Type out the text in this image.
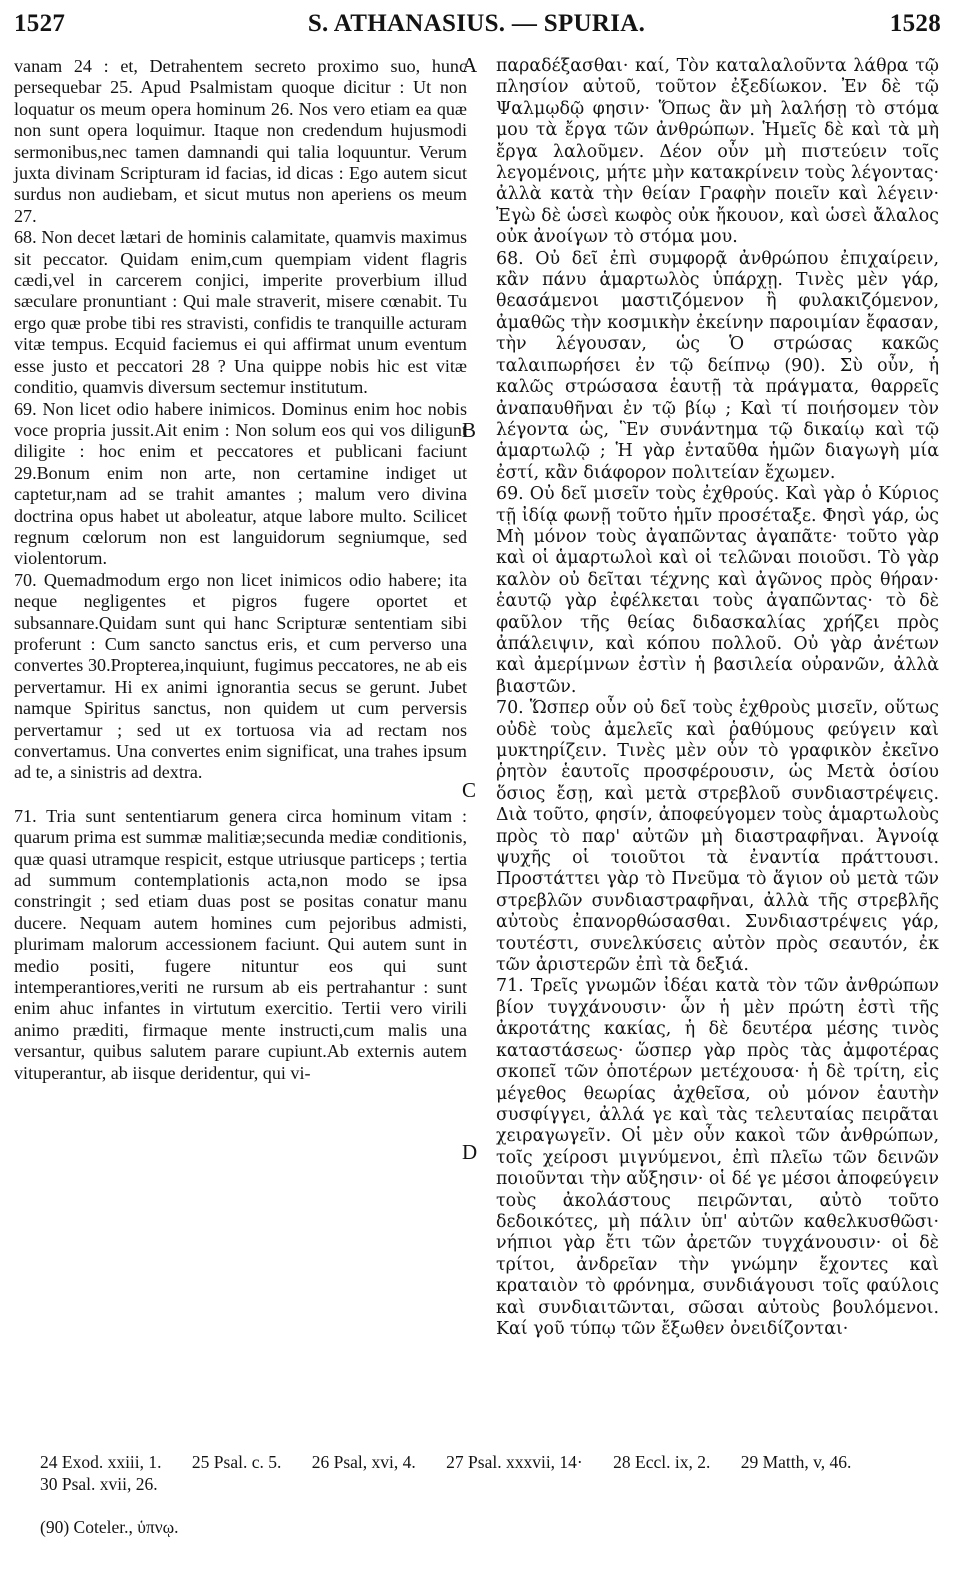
1527	S. ATHANASIUS. — SPURIA.	1528
A
B
C
D

vanam 24 : et, Detrahentem secreto proximo suo, hunc persequebar 25. Apud Psalmistam quoque dicitur : Ut non loquatur os meum opera hominum 26. Nos vero etiam ea quæ non sunt opera loquimur. Itaque non credendum hujusmodi sermonibus,nec tamen damnandi qui talia loquuntur. Verum juxta divinam Scripturam id facias, id dicas : Ego autem sicut surdus non audiebam, et sicut mutus non aperiens os meum 27.

68. Non decet lætari de hominis calamitate, quamvis maximus sit peccator. Quidam enim,cum quempiam vident flagris cædi,vel in carcerem conjici, imperite proverbium illud sæculare pronuntiant : Qui male straverit, misere cœnabit. Tu ergo quæ probe tibi res stravisti, confidis te tranquille acturam vitæ tempus. Ecquid faciemus ei qui affirmat unum eventum esse justo et peccatori 28 ? Una quippe nobis hic est vitæ conditio, quamvis diversum sectemur institutum.

69. Non licet odio habere inimicos. Dominus enim hoc nobis voce propria jussit.Ait enim : Non solum eos qui vos diligunt diligite : hoc enim et peccatores et publicani faciunt 29.Bonum enim non arte, non certamine indiget ut captetur,nam ad se trahit amantes ; malum vero divina doctrina opus habet ut aboleatur, atque labore multo. Scilicet regnum cœlorum non est languidorum segniumque, sed violentorum.

70. Quemadmodum ergo non licet inimicos odio habere; ita neque negligentes et pigros fugere oportet et subsannare.Quidam sunt qui hanc Scripturæ sententiam sibi proferunt : Cum sancto sanctus eris, et cum perverso una convertes 30.Propterea,inquiunt, fugimus peccatores, ne ab eis pervertamur. Hi ex animi ignorantia secus se gerunt. Jubet namque Spiritus sanctus, non quidem ut cum perversis pervertamur ; sed ut ex tortuosa via ad rectam nos convertamus. Una convertes enim significat, una trahes ipsum ad te, a sinistris ad dextra.

71. Tria sunt sententiarum genera circa hominum vitam : quarum prima est summæ malitiæ;secunda mediæ conditionis, quæ quasi utramque respicit, estque utriusque particeps ; tertia ad summum contemplationis acta,non modo se ipsa constringit ; sed etiam duas post se positas conatur manu ducere. Nequam autem homines cum pejoribus admisti, plurimam malorum accessionem faciunt. Qui autem sunt in medio positi, fugere nituntur eos qui sunt intemperantiores,veriti ne rursum ab eis pertrahantur : sunt enim ahuc infantes in virtutum exercitio. Tertii vero virili animo præditi, firmaque mente instructi,cum malis una versantur, quibus salutem parare cupiunt.Ab externis autem vituperantur, ab iisque deridentur, qui vi-

παραδέξασθαι· καί, Τὸν καταλαλοῦντα λάθρα τῷ πλησίον αὐτοῦ, τοῦτον ἐξεδίωκον. Ἐν δὲ τῷ Ψαλμῳδῷ φησιν· Ὅπως ἂν μὴ λαλήσῃ τὸ στόμα μου τὰ ἔργα τῶν ἀνθρώπων. Ἡμεῖς δὲ καὶ τὰ μὴ ἔργα λαλοῦμεν. Δέον οὖν μὴ πιστεύειν τοῖς λεγομένοις, μήτε μὴν κατακρίνειν τοὺς λέγοντας· ἀλλὰ κατὰ τὴν θείαν Γραφὴν ποιεῖν καὶ λέγειν· Ἐγὼ δὲ ὡσεὶ κωφὸς οὐκ ἤκουον, καὶ ὡσεὶ ἄλαλος οὐκ ἀνοίγων τὸ στόμα μου.

68. Οὐ δεῖ ἐπὶ συμφορᾷ ἀνθρώπου ἐπιχαίρειν, κἂν πάνυ ἁμαρτωλὸς ὑπάρχῃ. Τινὲς μὲν γάρ, θεασάμενοι μαστιζόμενον ἢ φυλακιζόμενον, ἀμαθῶς τὴν κοσμικὴν ἐκείνην παροιμίαν ἔφασαν, τὴν λέγουσαν, ὡς Ὁ στρώσας κακῶς ταλαιπωρήσει ἐν τῷ δείπνῳ (90). Σὺ οὖν, ἡ καλῶς στρώσασα ἑαυτῇ τὰ πράγματα, θαρρεῖς ἀναπαυθῆναι ἐν τῷ βίῳ ; Καὶ τί ποιήσομεν τὸν λέγοντα ὡς, Ἓν συνάντημα τῷ δικαίῳ καὶ τῷ ἁμαρτωλῷ ; Ἡ γὰρ ἐνταῦθα ἡμῶν διαγωγὴ μία ἐστί, κἂν διάφορον πολιτείαν ἔχωμεν.

69. Οὐ δεῖ μισεῖν τοὺς ἐχθρούς. Καὶ γὰρ ὁ Κύριος τῇ ἰδίᾳ φωνῇ τοῦτο ἡμῖν προσέταξε. Φησὶ γάρ, ὡς Μὴ μόνον τοὺς ἀγαπῶντας ἀγαπᾶτε· τοῦτο γὰρ καὶ οἱ ἁμαρτωλοὶ καὶ οἱ τελῶναι ποιοῦσι. Τὸ γὰρ καλὸν οὐ δεῖται τέχνης καὶ ἀγῶνος πρὸς θήραν· ἑαυτῷ γὰρ ἐφέλκεται τοὺς ἀγαπῶντας· τὸ δὲ φαῦλον τῆς θείας διδασκαλίας χρήζει πρὸς ἀπάλειψιν, καὶ κόπου πολλοῦ. Οὐ γὰρ ἀνέτων καὶ ἀμερίμνων ἐστὶν ἡ βασιλεία οὐρανῶν, ἀλλὰ βιαστῶν.

70. Ὥσπερ οὖν οὐ δεῖ τοὺς ἐχθροὺς μισεῖν, οὕτως οὐδὲ τοὺς ἀμελεῖς καὶ ῥαθύμους φεύγειν καὶ μυκτηρίζειν. Τινὲς μὲν οὖν τὸ γραφικὸν ἐκεῖνο ῥητὸν ἑαυτοῖς προσφέρουσιν, ὡς Μετὰ ὁσίου ὅσιος ἔσῃ, καὶ μετὰ στρεβλοῦ συνδιαστρέψεις. Διὰ τοῦτο, φησίν, ἀποφεύγομεν τοὺς ἁμαρτωλοὺς πρὸς τὸ παρ' αὐτῶν μὴ διαστραφῆναι. Ἀγνοίᾳ ψυχῆς οἱ τοιοῦτοι τὰ ἐναντία πράττουσι. Προστάττει γὰρ τὸ Πνεῦμα τὸ ἅγιον οὐ μετὰ τῶν στρεβλῶν συνδιαστραφῆναι, ἀλλὰ τῆς στρεβλῆς αὐτοὺς ἐπανορθώσασθαι. Συνδιαστρέψεις γάρ, τουτέστι, συνελκύσεις αὐτὸν πρὸς σεαυτόν, ἐκ τῶν ἀριστερῶν ἐπὶ τὰ δεξιά.

71. Τρεῖς γνωμῶν ἰδέαι κατὰ τὸν τῶν ἀνθρώπων βίον τυγχάνουσιν· ὧν ἡ μὲν πρώτη ἐστὶ τῆς ἀκροτάτης κακίας, ἡ δὲ δευτέρα μέσης τινὸς καταστάσεως· ὥσπερ γὰρ πρὸς τὰς ἀμφοτέρας σκοπεῖ τῶν ὁποτέρων μετέχουσα· ἡ δὲ τρίτη, εἰς μέγεθος θεωρίας ἀχθεῖσα, οὐ μόνον ἑαυτὴν συσφίγγει, ἀλλά γε καὶ τὰς τελευταίας πειρᾶται χειραγωγεῖν. Οἱ μὲν οὖν κακοὶ τῶν ἀνθρώπων, τοῖς χείροσι μιγνύμενοι, ἐπὶ πλεῖω τῶν δεινῶν ποιοῦνται τὴν αὔξησιν· οἱ δέ γε μέσοι ἀποφεύγειν τοὺς ἀκολάστους πειρῶνται, αὐτὸ τοῦτο δεδοικότες, μὴ πάλιν ὑπ' αὐτῶν καθελκυσθῶσι· νήπιοι γὰρ ἔτι τῶν ἀρετῶν τυγχάνουσιν· οἱ δὲ τρίτοι, ἀνδρεῖαν τὴν γνώμην ἔχοντες καὶ κραταιὸν τὸ φρόνημα, συνδιάγουσι τοῖς φαύλοις καὶ συνδιαιτῶνται, σῶσαι αὐτοὺς βουλόμενοι. Καί γοῦ τύπῳ τῶν ἔξωθεν ὀνειδίζονται·

24 Exod. xxiii, 1. 25 Psal. c. 5. 26 Psal, xvi, 4. 27 Psal. xxxvii, 14· 28 Eccl. ix, 2. 29 Matth, v, 46.
30 Psal. xvii, 26.
(90) Coteler., ὑπνῳ.
